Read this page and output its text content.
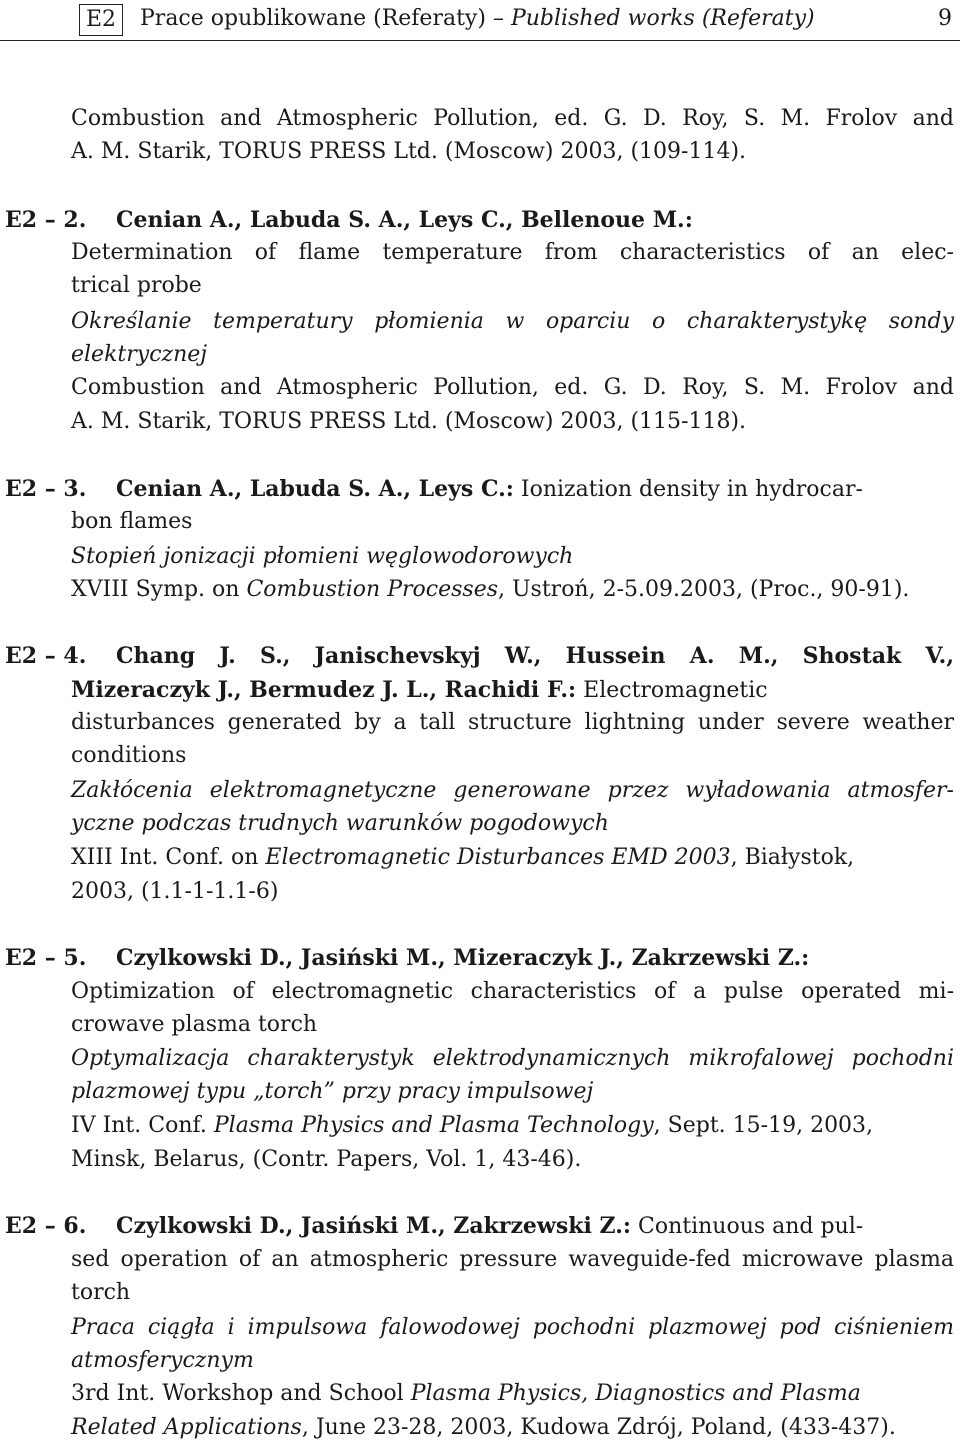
E2	Prace opublikowane (Referaty) – Published works (Referaty)	9
Combustion and Atmospheric Pollution, ed. G. D. Roy, S. M. Frolov and
A. M. Starik, TORUS PRESS Ltd. (Moscow) 2003, (109-114).
E2 – 2. Cenian A., Labuda S. A., Leys C., Bellenoue M.:
Determination of flame temperature from characteristics of an elec-
trical probe
Określanie temperatury płomienia w oparciu o charakterystykę sondy
elektrycznej
Combustion and Atmospheric Pollution, ed. G. D. Roy, S. M. Frolov and
A. M. Starik, TORUS PRESS Ltd. (Moscow) 2003, (115-118).
E2 – 3. Cenian A., Labuda S. A., Leys C.: Ionization density in hydrocar-
bon flames
Stopień jonizacji płomieni węglowodorowych
XVIII Symp. on Combustion Processes, Ustroń, 2-5.09.2003, (Proc., 90-91).
E2 – 4. Chang J. S., Janischevskyj W., Hussein A. M., Shostak V.,
Mizeraczyk J., Bermudez J. L., Rachidi F.: Electromagnetic
disturbances generated by a tall structure lightning under severe weather
conditions
Zakłócenia elektromagnetyczne generowane przez wyładowania atmosfer-
yczne podczas trudnych warunków pogodowych
XIII Int. Conf. on Electromagnetic Disturbances EMD 2003, Białystok,
2003, (1.1-1-1.1-6)
E2 – 5. Czylkowski D., Jasiński M., Mizeraczyk J., Zakrzewski Z.:
Optimization of electromagnetic characteristics of a pulse operated mi-
crowave plasma torch
Optymalizacja charakterystyk elektrodynamicznych mikrofalowej pochodni
plazmowej typu „torch” przy pracy impulsowej
IV Int. Conf. Plasma Physics and Plasma Technology, Sept. 15-19, 2003,
Minsk, Belarus, (Contr. Papers, Vol. 1, 43-46).
E2 – 6. Czylkowski D., Jasiński M., Zakrzewski Z.: Continuous and pul-
sed operation of an atmospheric pressure waveguide-fed microwave plasma
torch
Praca ciągła i impulsowa falowodowej pochodni plazmowej pod ciśnieniem
atmosferycznym
3rd Int. Workshop and School Plasma Physics, Diagnostics and Plasma
Related Applications, June 23-28, 2003, Kudowa Zdrój, Poland, (433-437).
